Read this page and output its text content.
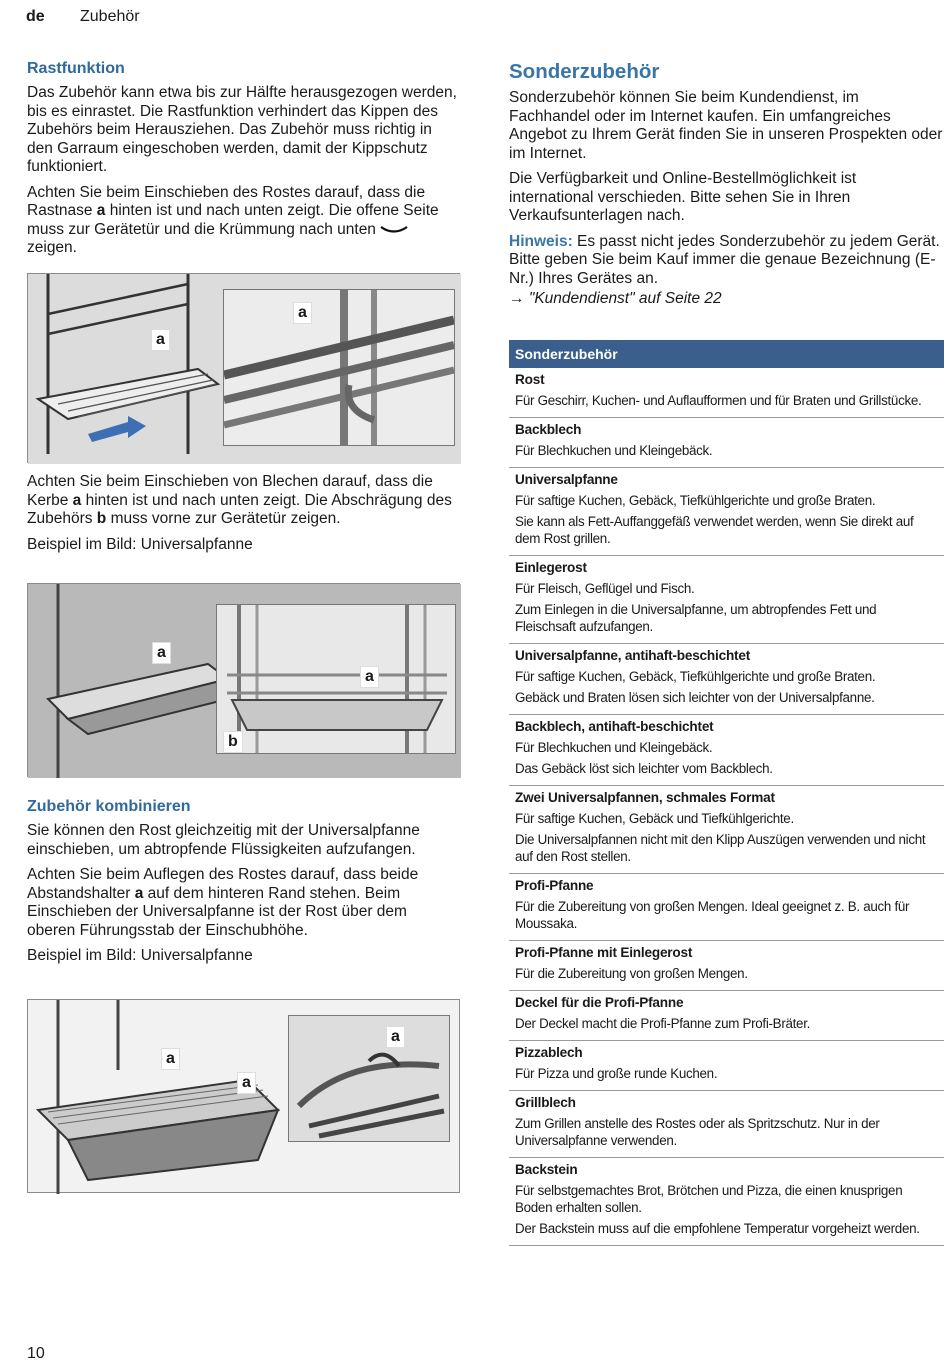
de Zubehör
Rastfunktion

Das Zubehör kann etwa bis zur Hälfte herausgezogen werden, bis es einrastet. Die Rastfunktion verhindert das Kippen des Zubehörs beim Herausziehen. Das Zubehör muss richtig in den Garraum eingeschoben werden, damit der Kippschutz funktioniert.

Achten Sie beim Einschieben des Rostes darauf, dass die Rastnase a hinten ist und nach unten zeigt. Die offene Seite muss zur Gerätetür und die Krümmung nach unten  zeigen.

a
a

Achten Sie beim Einschieben von Blechen darauf, dass die Kerbe a hinten ist und nach unten zeigt. Die Abschrägung des Zubehörs b muss vorne zur Gerätetür zeigen.

Beispiel im Bild: Universalpfanne

a
a
b
Zubehör kombinieren

Sie können den Rost gleichzeitig mit der Universalpfanne einschieben, um abtropfende Flüssigkeiten aufzufangen.

Achten Sie beim Auflegen des Rostes darauf, dass beide Abstandshalter a auf dem hinteren Rand stehen. Beim Einschieben der Universalpfanne ist der Rost über dem oberen Führungsstab der Einschubhöhe.

Beispiel im Bild: Universalpfanne

a
a
a
Sonderzubehör

Sonderzubehör können Sie beim Kundendienst, im Fachhandel oder im Internet kaufen. Ein umfangreiches Angebot zu Ihrem Gerät finden Sie in unseren Prospekten oder im Internet.

Die Verfügbarkeit und Online-Bestellmöglichkeit ist international verschieden. Bitte sehen Sie in Ihren Verkaufsunterlagen nach.

Hinweis: Es passt nicht jedes Sonderzubehör zu jedem Gerät. Bitte geben Sie beim Kauf immer die genaue Bezeichnung (E-Nr.) Ihres Gerätes an.

→ "Kundendienst" auf Seite 22

Sonderzubehör

Rost
Für Geschirr, Kuchen- und Auflaufformen und für Braten und Grillstücke.

Backblech
Für Blechkuchen und Kleingebäck.

Universalpfanne
Für saftige Kuchen, Gebäck, Tiefkühlgerichte und große Braten.
Sie kann als Fett-Auffanggefäß verwendet werden, wenn Sie direkt auf dem Rost grillen.

Einlegerost
Für Fleisch, Geflügel und Fisch.
Zum Einlegen in die Universalpfanne, um abtropfendes Fett und Fleischsaft aufzufangen.

Universalpfanne, antihaft-beschichtet
Für saftige Kuchen, Gebäck, Tiefkühlgerichte und große Braten.
Gebäck und Braten lösen sich leichter von der Universalpfanne.

Backblech, antihaft-beschichtet
Für Blechkuchen und Kleingebäck.
Das Gebäck löst sich leichter vom Backblech.

Zwei Universalpfannen, schmales Format
Für saftige Kuchen, Gebäck und Tiefkühlgerichte.
Die Universalpfannen nicht mit den Klipp Auszügen verwenden und nicht auf den Rost stellen.

Profi-Pfanne
Für die Zubereitung von großen Mengen. Ideal geeignet z. B. auch für Moussaka.

Profi-Pfanne mit Einlegerost
Für die Zubereitung von großen Mengen.

Deckel für die Profi-Pfanne
Der Deckel macht die Profi-Pfanne zum Profi-Bräter.

Pizzablech
Für Pizza und große runde Kuchen.

Grillblech
Zum Grillen anstelle des Rostes oder als Spritzschutz. Nur in der Universalpfanne verwenden.

Backstein
Für selbstgemachtes Brot, Brötchen und Pizza, die einen knusprigen Boden erhalten sollen.
Der Backstein muss auf die empfohlene Temperatur vorgeheizt werden.
10
